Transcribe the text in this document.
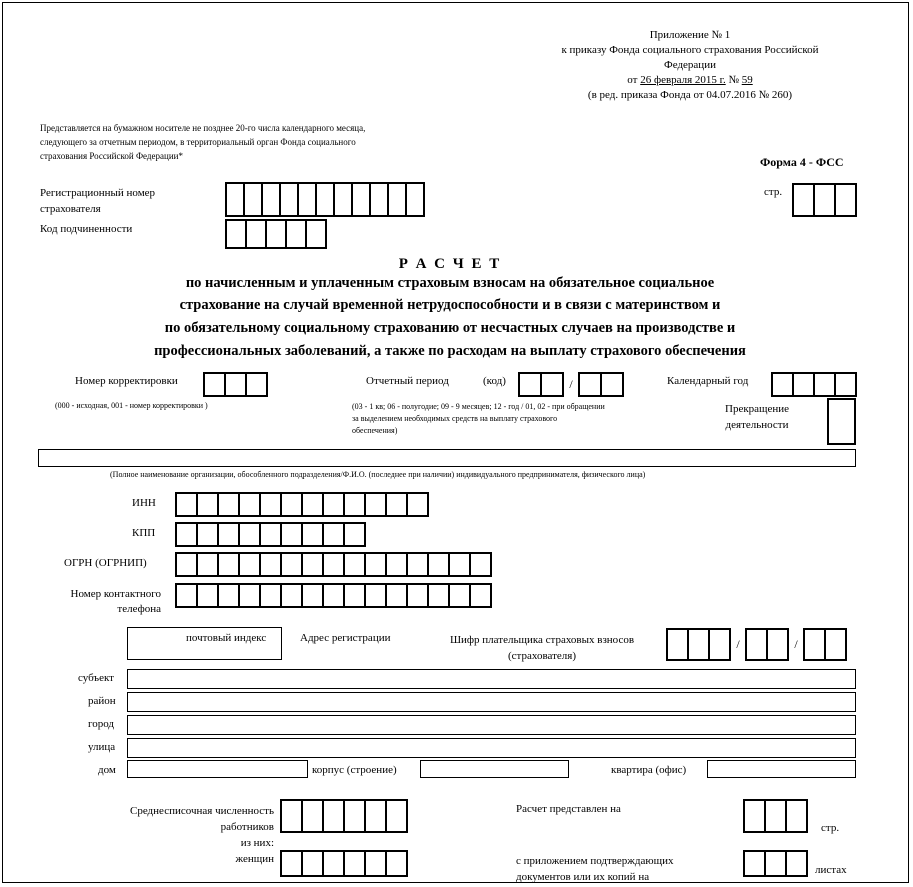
Приложение № 1
к приказу Фонда социального страхования Российской
Федерации
от 26 февраля 2015 г. № 59
(в ред. приказа Фонда от 04.07.2016 № 260)
Представляется на бумажном носителе не позднее 20-го числа календарного месяца,
следующего за отчетным периодом, в территориальный орган Фонда социального
страхования Российской Федерации*	Форма 4 - ФСС
Регистрационный номер
страхователя
стр.
Код подчиненности
Р А С Ч Е Т
по начисленным и уплаченным страховым взносам на обязательное социальное
страхование на случай временной нетрудоспособности и в связи с материнством и
по обязательному социальному страхованию от несчастных случаев на производстве и
профессиональных заболеваний, а также по расходам на выплату страхового обеспечения
Номер корректировки
(000 - исходная, 001 - номер корректировки )
Отчетный период	(код)	/
(03 - 1 кв; 06 - полугодие; 09 - 9 месяцев; 12 - год / 01, 02 - при обращении
за выделением необходимых средств на выплату страхового
обеспечения)
Календарный год
Прекращение
деятельности
(Полное наименование организации, обособленного подразделения/Ф.И.О. (последнее при наличии) индивидуального предпринимателя, физического лица)
ИНН
КПП
ОГРН (ОГРНИП)
Номер контактного
телефона
почтовый индекс	Адрес регистрации	Шифр плательщика страховых взносов
(страхователя)
/	/
субъект
район
город
улица
дом	корпус (строение)	квартира (офис)
Среднесписочная численность
работников
из них:
женщин
Расчет представлен на
стр.
с приложением подтверждающих
документов или их копий на
листах
